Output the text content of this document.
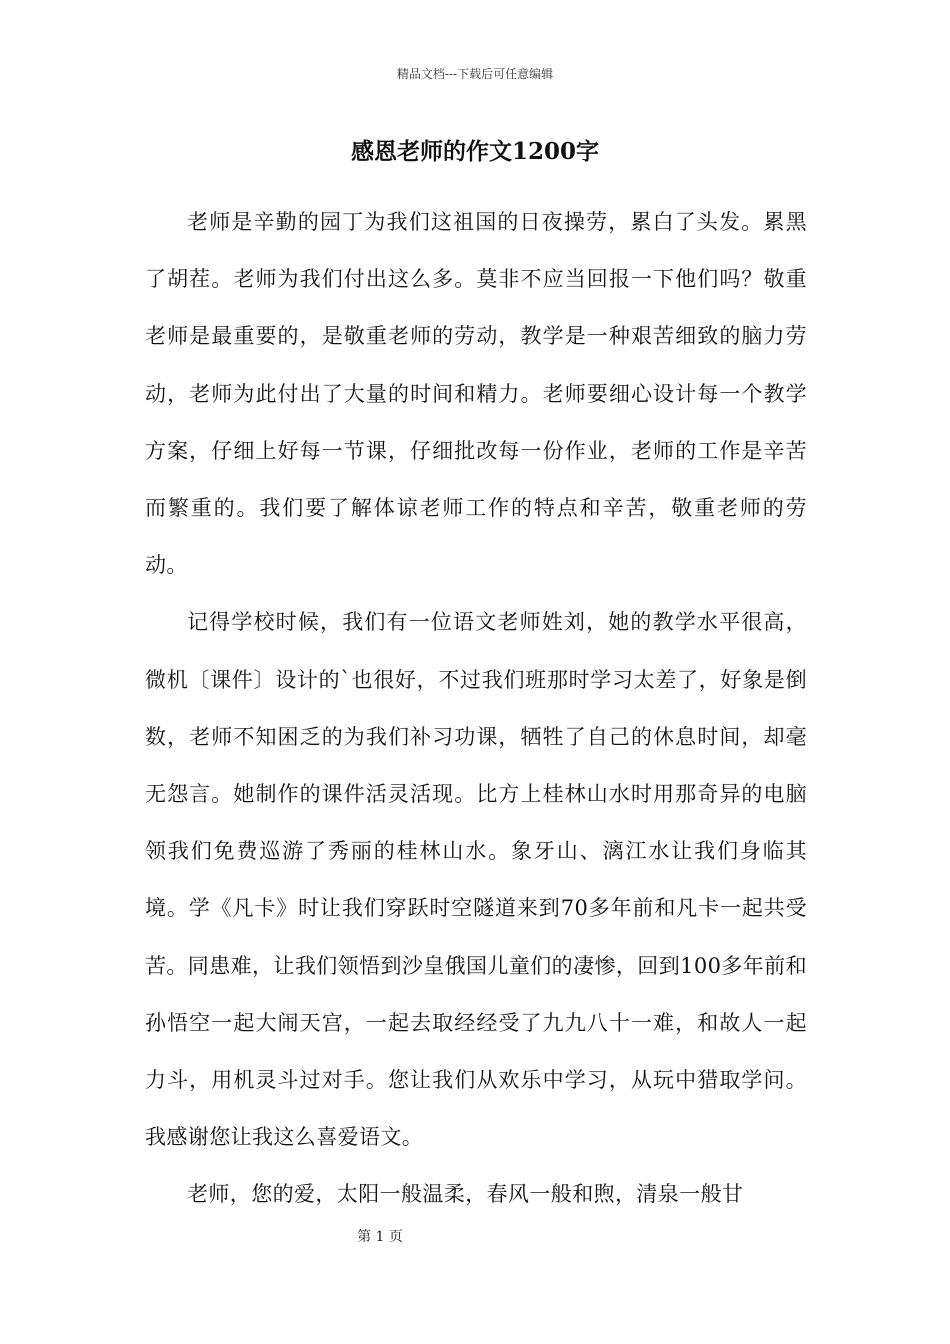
精品文档---下载后可任意编辑
感恩老师的作文1200字

老师是辛勤的园丁为我们这祖国的日夜操劳，累白了头发。累黑了胡茬。老师为我们付出这么多。莫非不应当回报一下他们吗？敬重老师是最重要的，是敬重老师的劳动，教学是一种艰苦细致的脑力劳动，老师为此付出了大量的时间和精力。老师要细心设计每一个教学方案，仔细上好每一节课，仔细批改每一份作业，老师的工作是辛苦而繁重的。我们要了解体谅老师工作的特点和辛苦，敬重老师的劳动。

记得学校时候，我们有一位语文老师姓刘，她的教学水平很高，微机〔课件〕设计的`也很好，不过我们班那时学习太差了，好象是倒数，老师不知困乏的为我们补习功课，牺牲了自己的休息时间，却毫无怨言。她制作的课件活灵活现。比方上桂林山水时用那奇异的电脑领我们免费巡游了秀丽的桂林山水。象牙山、漓江水让我们身临其境。学《凡卡》时让我们穿跃时空隧道来到70多年前和凡卡一起共受苦。同患难，让我们领悟到沙皇俄国儿童们的凄惨，回到100多年前和孙悟空一起大闹天宫，一起去取经经受了九九八十一难，和故人一起力斗，用机灵斗过对手。您让我们从欢乐中学习，从玩中猎取学问。我感谢您让我这么喜爱语文。

老师，您的爱，太阳一般温柔，春风一般和煦，清泉一般甘

第 1 页
